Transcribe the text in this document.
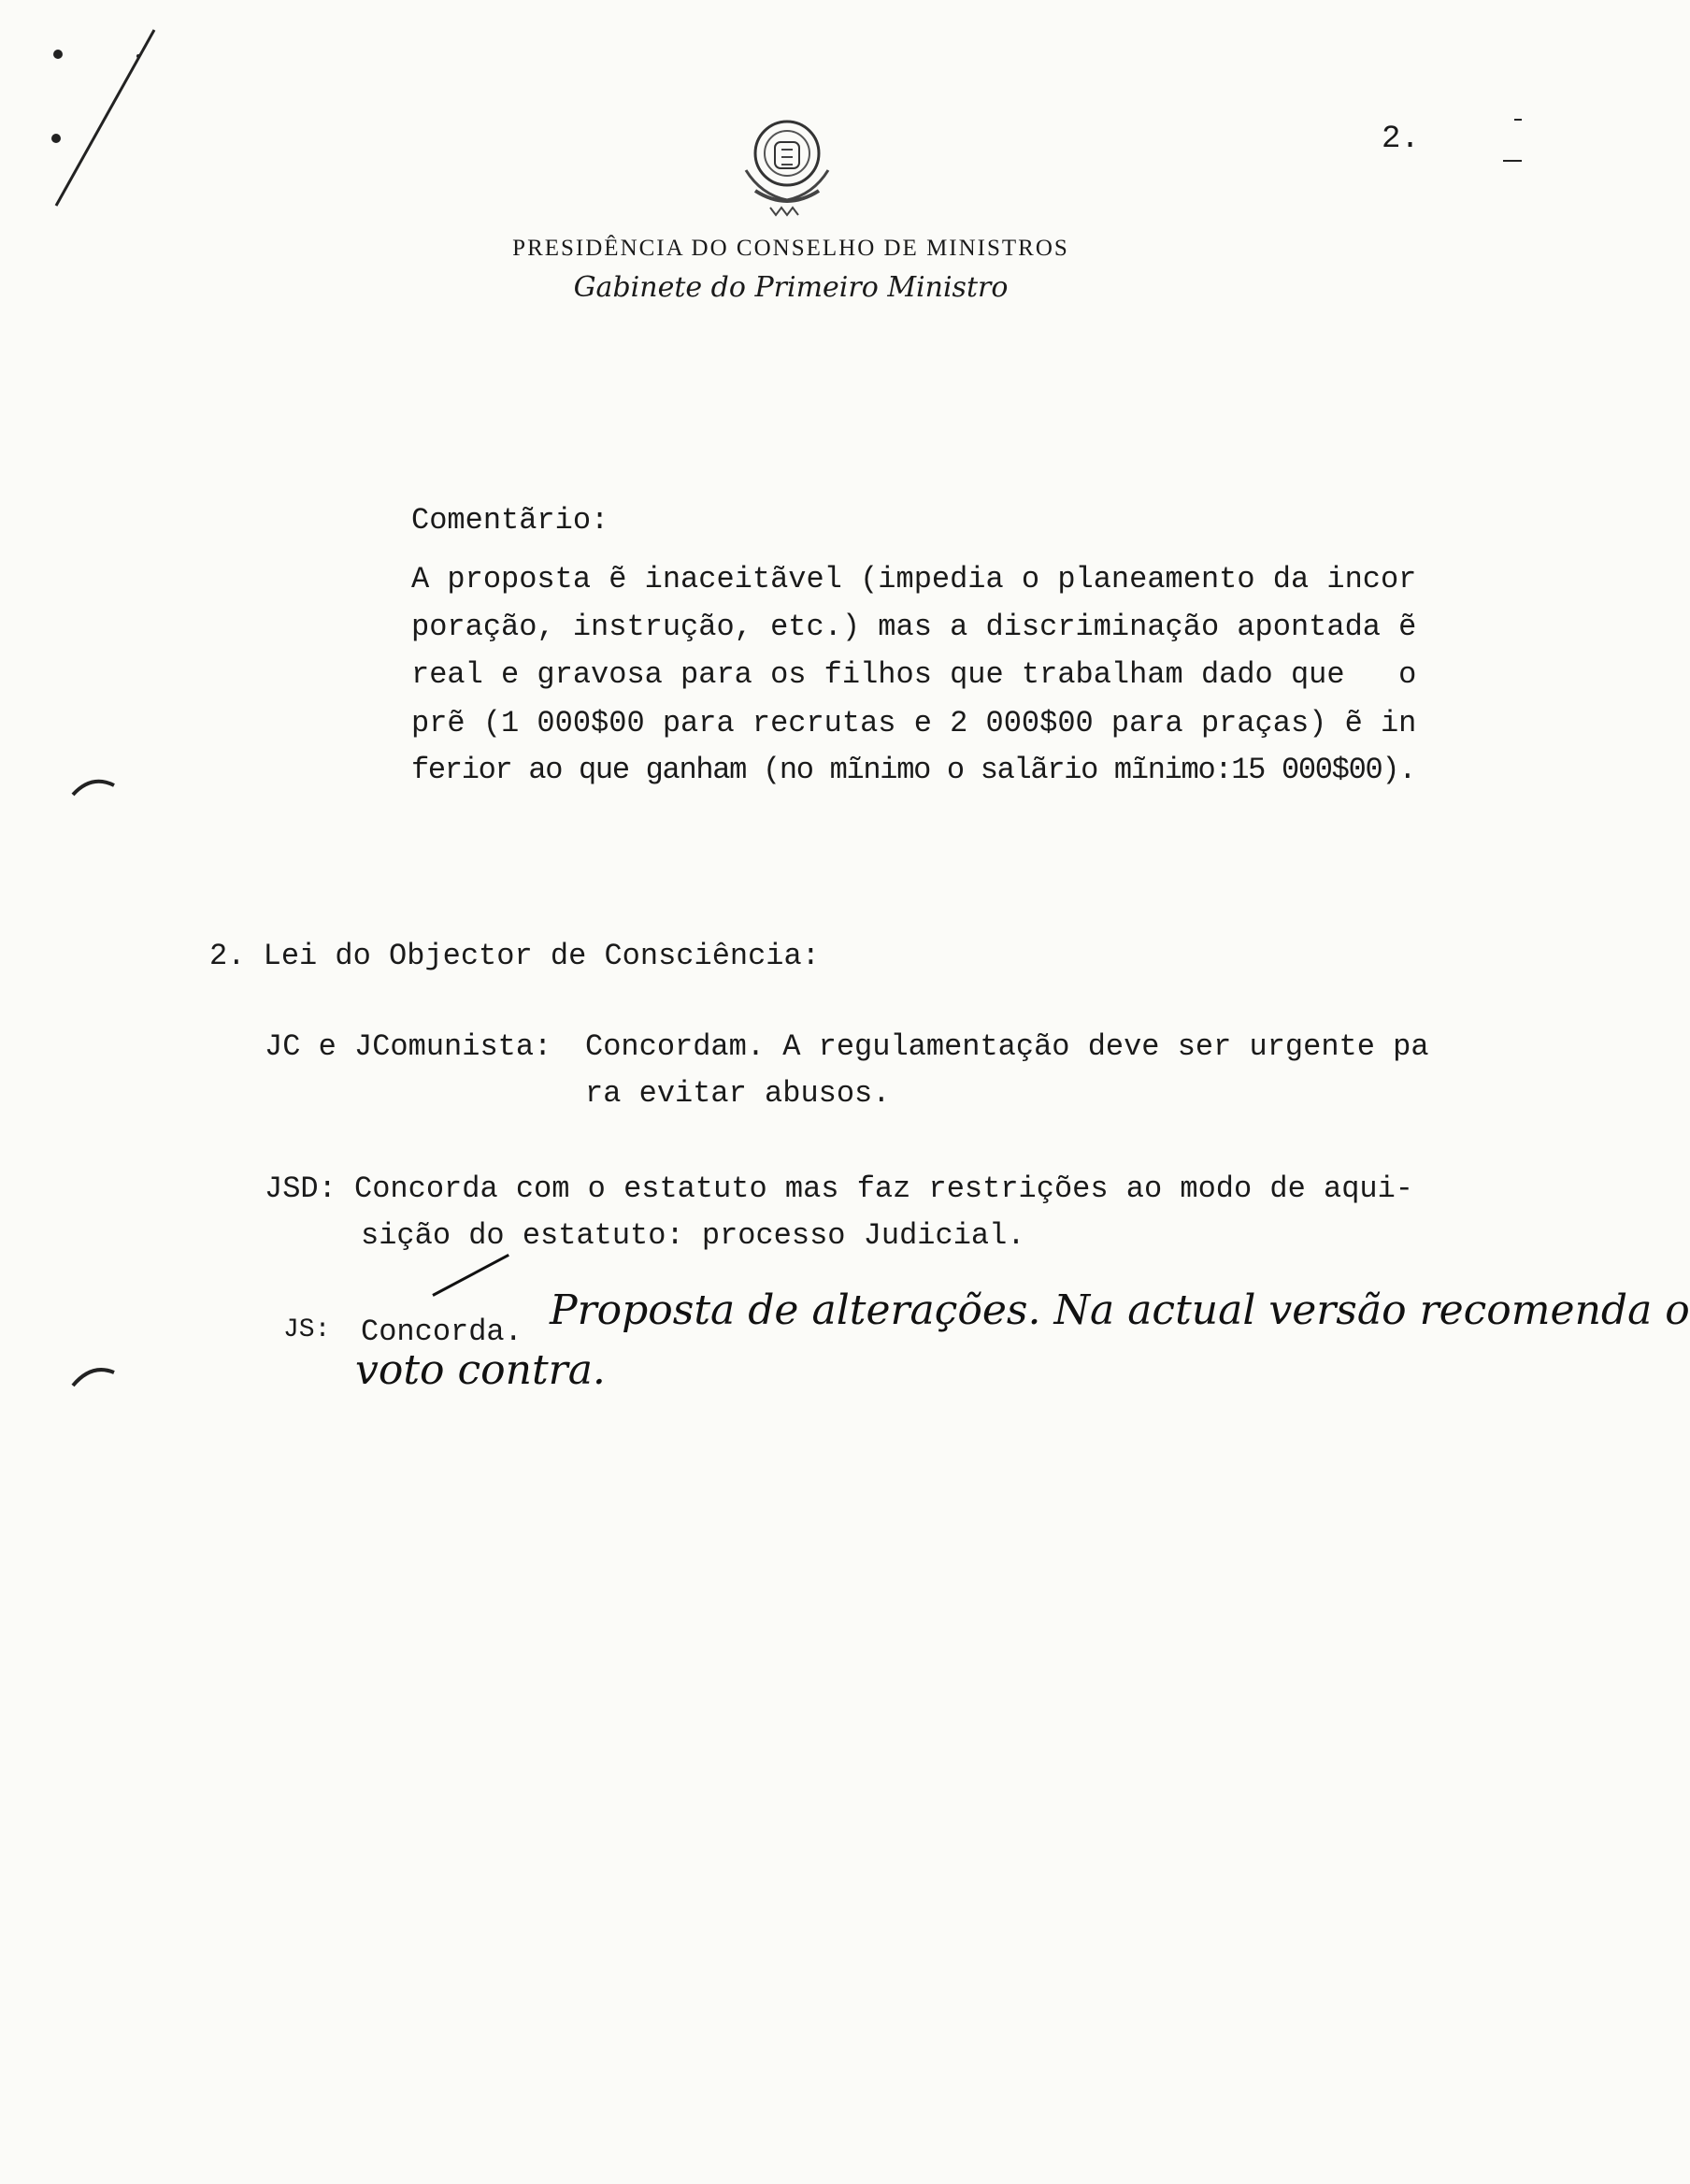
2.
PRESIDÊNCIA DO CONSELHO DE MINISTROS
Gabinete do Primeiro Ministro
Comentãrio:
A proposta ẽ inaceitãvel (impedia o planeamento da incor
poração, instrução, etc.) mas a discriminação apontada ẽ
real e gravosa para os filhos que trabalham dado que   o
prẽ (1 000$00 para recrutas e 2 000$00 para praças) ẽ in
ferior ao que ganham (no mĩnimo o salãrio mĩnimo:15 000$00).
2. Lei do Objector de Consciência:
JC e JComunista: Concordam. A regulamentação deve ser urgente pa
ra evitar abusos.
JSD: Concorda com o estatuto mas faz restrições ao modo de aqui-
sição do estatuto: processo Judicial.
JS: Concorda. Proposta de alterações. Na actual versão recomenda o
voto contra.
